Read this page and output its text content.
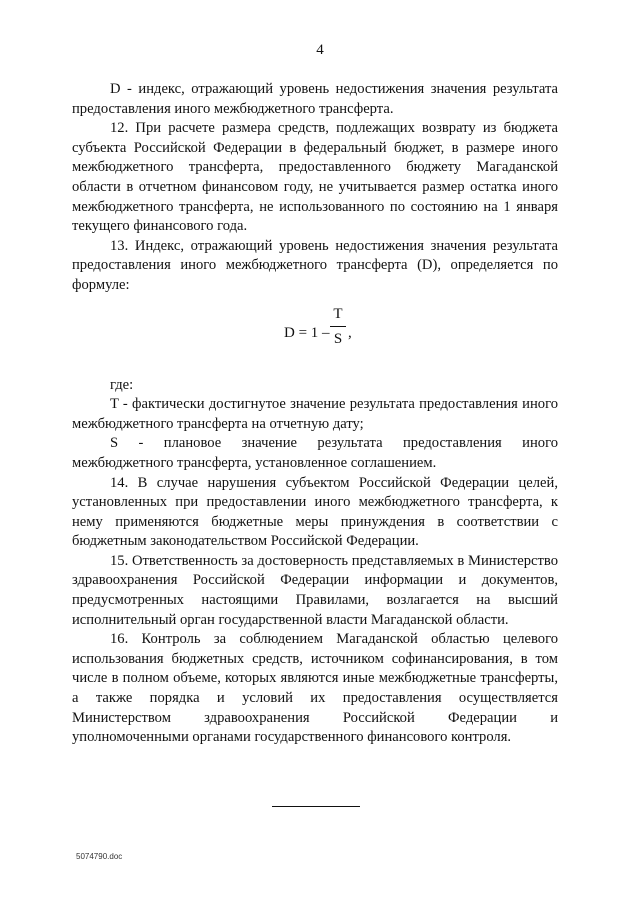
4

D - индекс, отражающий уровень недостижения значения результата предоставления иного межбюджетного трансферта.

12. При расчете размера средств, подлежащих возврату из бюджета субъекта Российской Федерации в федеральный бюджет, в размере иного межбюджетного трансферта, предоставленного бюджету Магаданской области в отчетном финансовом году, не учитывается размер остатка иного межбюджетного трансферта, не использованного по состоянию на 1 января текущего финансового года.

13. Индекс, отражающий уровень недостижения значения результата предоставления иного межбюджетного трансферта (D), определяется по формуле:

D = 1 –
T
S ,

где:

T - фактически достигнутое значение результата предоставления иного межбюджетного трансферта на отчетную дату;

S - плановое значение результата предоставления иного межбюджетного трансферта, установленное соглашением.

14. В случае нарушения субъектом Российской Федерации целей, установленных при предоставлении иного межбюджетного трансферта, к нему применяются бюджетные меры принуждения в соответствии с бюджетным законодательством Российской Федерации.

15. Ответственность за достоверность представляемых в Министерство здравоохранения Российской Федерации информации и документов, предусмотренных настоящими Правилами, возлагается на высший исполнительный орган государственной власти Магаданской области.

16. Контроль за соблюдением Магаданской областью целевого использования бюджетных средств, источником софинансирования, в том числе в полном объеме, которых являются иные межбюджетные трансферты, а также порядка и условий их предоставления осуществляется Министерством здравоохранения Российской Федерации и уполномоченными органами государственного финансового контроля.

5074790.doc
